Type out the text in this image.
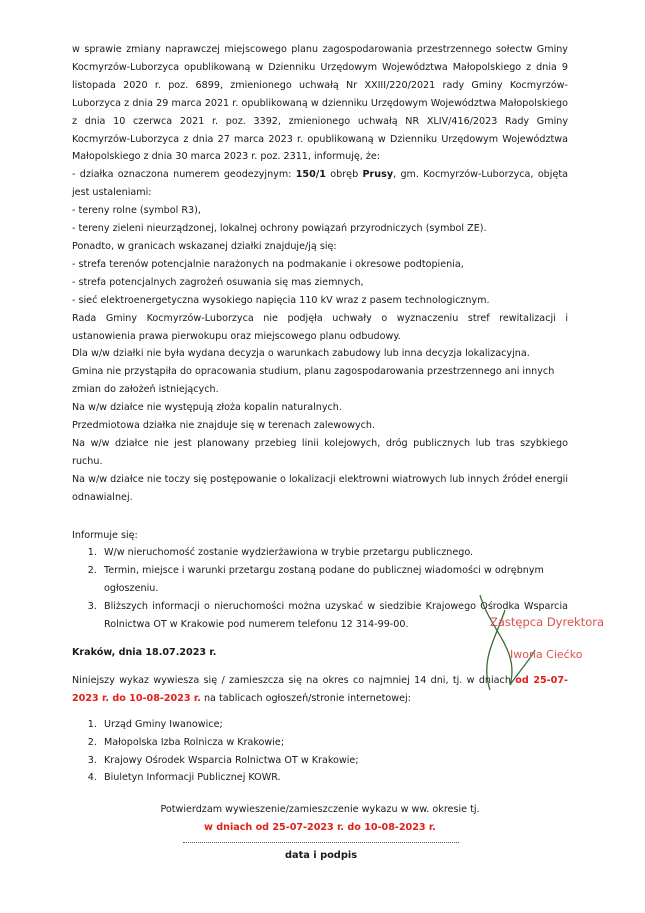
w sprawie zmiany naprawczej miejscowego planu zagospodarowania przestrzennego sołectw Gminy Kocmyrzów-Luborzyca opublikowaną w Dzienniku Urzędowym Województwa Małopolskiego z dnia 9 listopada 2020 r. poz. 6899, zmienionego uchwałą Nr XXIII/220/2021 rady Gminy Kocmyrzów-Luborzyca z dnia 29 marca 2021 r. opublikowaną w dzienniku Urzędowym Województwa Małopolskiego z dnia 10 czerwca 2021 r. poz. 3392, zmienionego uchwałą NR XLIV/416/2023 Rady Gminy Kocmyrzów-Luborzyca z dnia 27 marca 2023 r. opublikowaną w Dzienniku Urzędowym Województwa Małopolskiego z dnia 30 marca 2023 r. poz. 2311, informuję, że:

- działka oznaczona numerem geodezyjnym: 150/1 obręb Prusy, gm. Kocmyrzów-Luborzyca, objęta jest ustaleniami:

- tereny rolne (symbol R3),

- tereny zieleni nieurządzonej, lokalnej ochrony powiązań przyrodniczych (symbol ZE).

Ponadto, w granicach wskazanej działki znajduje/ją się:

- strefa terenów potencjalnie narażonych na podmakanie i okresowe podtopienia,

- strefa potencjalnych zagrożeń osuwania się mas ziemnych,

- sieć elektroenergetyczna wysokiego napięcia 110 kV wraz z pasem technologicznym.

Rada Gminy Kocmyrzów-Luborzyca nie podjęła uchwały o wyznaczeniu stref rewitalizacji i ustanowienia prawa pierwokupu oraz miejscowego planu odbudowy.

Dla w/w działki nie była wydana decyzja o warunkach zabudowy lub inna decyzja lokalizacyjna.

Gmina nie przystąpiła do opracowania studium, planu zagospodarowania przestrzennego ani innych zmian do założeń istniejących.

Na w/w działce nie występują złoża kopalin naturalnych.

Przedmiotowa działka nie znajduje się w terenach zalewowych.

Na w/w działce nie jest planowany przebieg linii kolejowych, dróg publicznych lub tras szybkiego ruchu.

Na w/w działce nie toczy się postępowanie o lokalizacji elektrowni wiatrowych lub innych źródeł energii odnawialnej.

Informuje się:

1. W/w nieruchomość zostanie wydzierżawiona w trybie przetargu publicznego.
2. Termin, miejsce i warunki przetargu zostaną podane do publicznej wiadomości w odrębnym ogłoszeniu.
3. Bliższych informacji o nieruchomości można uzyskać w siedzibie Krajowego Ośrodka Wsparcia Rolnictwa OT w Krakowie pod numerem telefonu 12 314-99-00.

Kraków, dnia 18.07.2023 r.

Niniejszy wykaz wywiesza się / zamieszcza się na okres co najmniej 14 dni, tj. w dniach od 25-07-2023 r. do 10-08-2023 r. na tablicach ogłoszeń/stronie internetowej:

1. Urząd Gminy Iwanowice;
2. Małopolska Izba Rolnicza w Krakowie;
3. Krajowy Ośrodek Wsparcia Rolnictwa OT w Krakowie;
4. Biuletyn Informacji Publicznej KOWR.

Potwierdzam wywieszenie/zamieszczenie wykazu w ww. okresie tj.

w dniach od 25-07-2023 r. do 10-08-2023 r.

Zastępca Dyrektora
Iwona Ciećko
data i podpis
